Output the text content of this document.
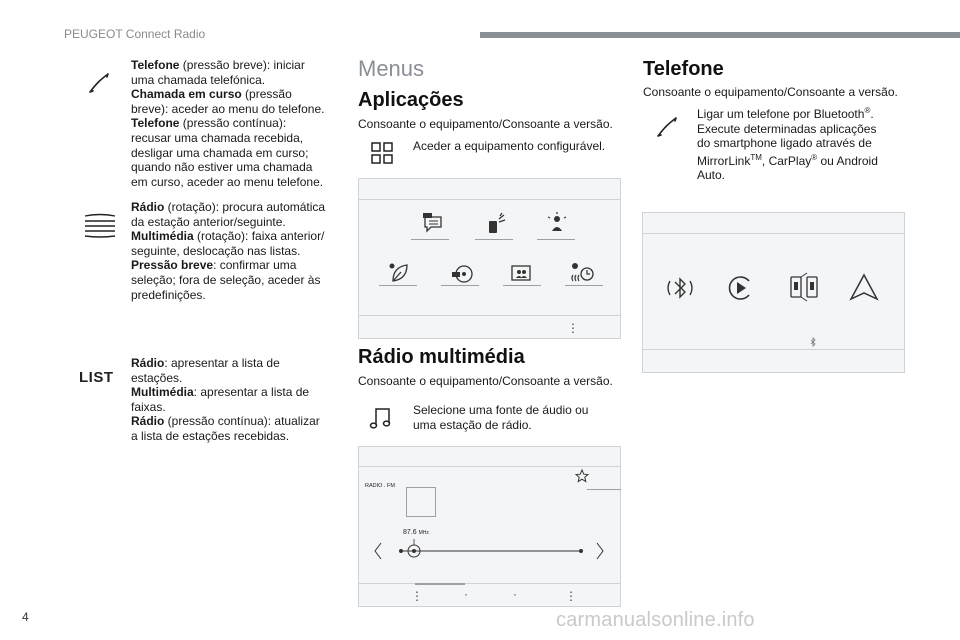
PEUGEOT Connect Radio
Telefone (pressão breve): iniciar
uma chamada telefónica.
Chamada em curso (pressão
breve): aceder ao menu do telefone.
Telefone (pressão contínua):
recusar uma chamada recebida,
desligar uma chamada em curso;
quando não estiver uma chamada
em curso, aceder ao menu telefone.
Rádio (rotação): procura automática
da estação anterior/seguinte.
Multimédia (rotação): faixa anterior/
seguinte, deslocação nas listas.
Pressão breve: confirmar uma
seleção; fora de seleção, aceder às
predefinições.
LIST
Rádio: apresentar a lista de
estações.
Multimédia: apresentar a lista de
faixas.
Rádio (pressão contínua): atualizar
a lista de estações recebidas.
Menus
Aplicações
Consoante o equipamento/Consoante a versão.
Aceder a equipamento configurável.
⋮
Rádio multimédia
Consoante o equipamento/Consoante a versão.
Selecione uma fonte de áudio ou
uma estação de rádio.
RADIO . FM
87.6 MHz
⋮	·	·	⋮
Telefone
Consoante o equipamento/Consoante a versão.
Ligar um telefone por Bluetooth®.
Execute determinadas aplicações
do smartphone ligado através de
MirrorLink™, CarPlay® ou Android
Auto.
4	carmanualsonline.info
